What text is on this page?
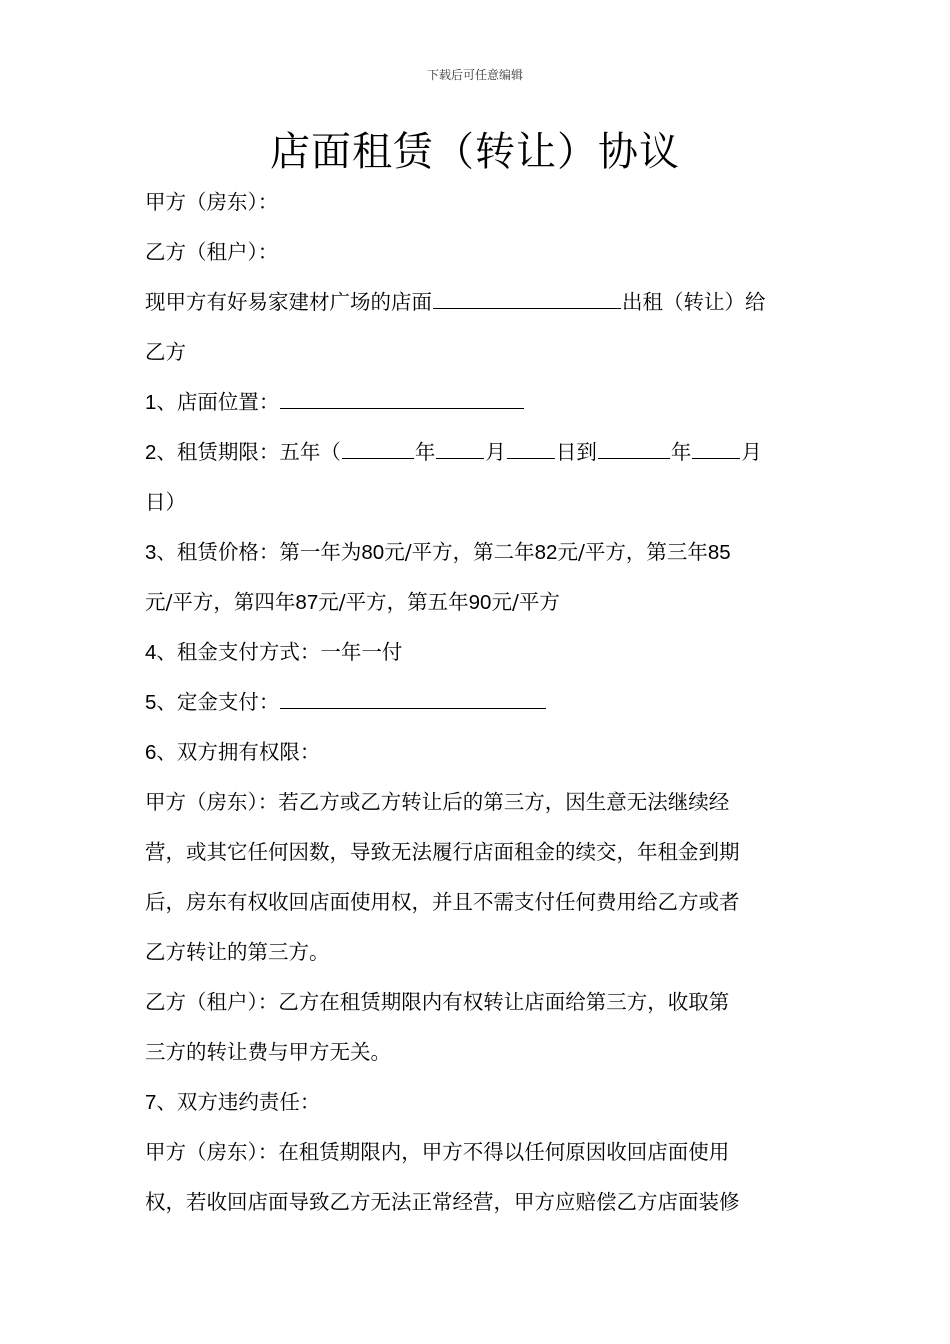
下载后可任意编辑
店面租赁（转让）协议
甲方（房东）：
乙方（租户）：
现甲方有好易家建材广场的店面	出租（转让）给
乙方
1、店面位置：
2、租赁期限：五年（	年 月 日到	年 月
日）
3、租赁价格：第一年为80元/平方，第二年82元/平方，第三年85
元/平方，第四年87元/平方，第五年90元/平方
4、租金支付方式：一年一付
5、定金支付：
6、双方拥有权限：
甲方（房东）：若乙方或乙方转让后的第三方，因生意无法继续经
营，或其它任何因数，导致无法履行店面租金的续交，年租金到期
后，房东有权收回店面使用权，并且不需支付任何费用给乙方或者
乙方转让的第三方。
乙方（租户）：乙方在租赁期限内有权转让店面给第三方，收取第
三方的转让费与甲方无关。
7、双方违约责任：
甲方（房东）：在租赁期限内，甲方不得以任何原因收回店面使用
权，若收回店面导致乙方无法正常经营，甲方应赔偿乙方店面装修
